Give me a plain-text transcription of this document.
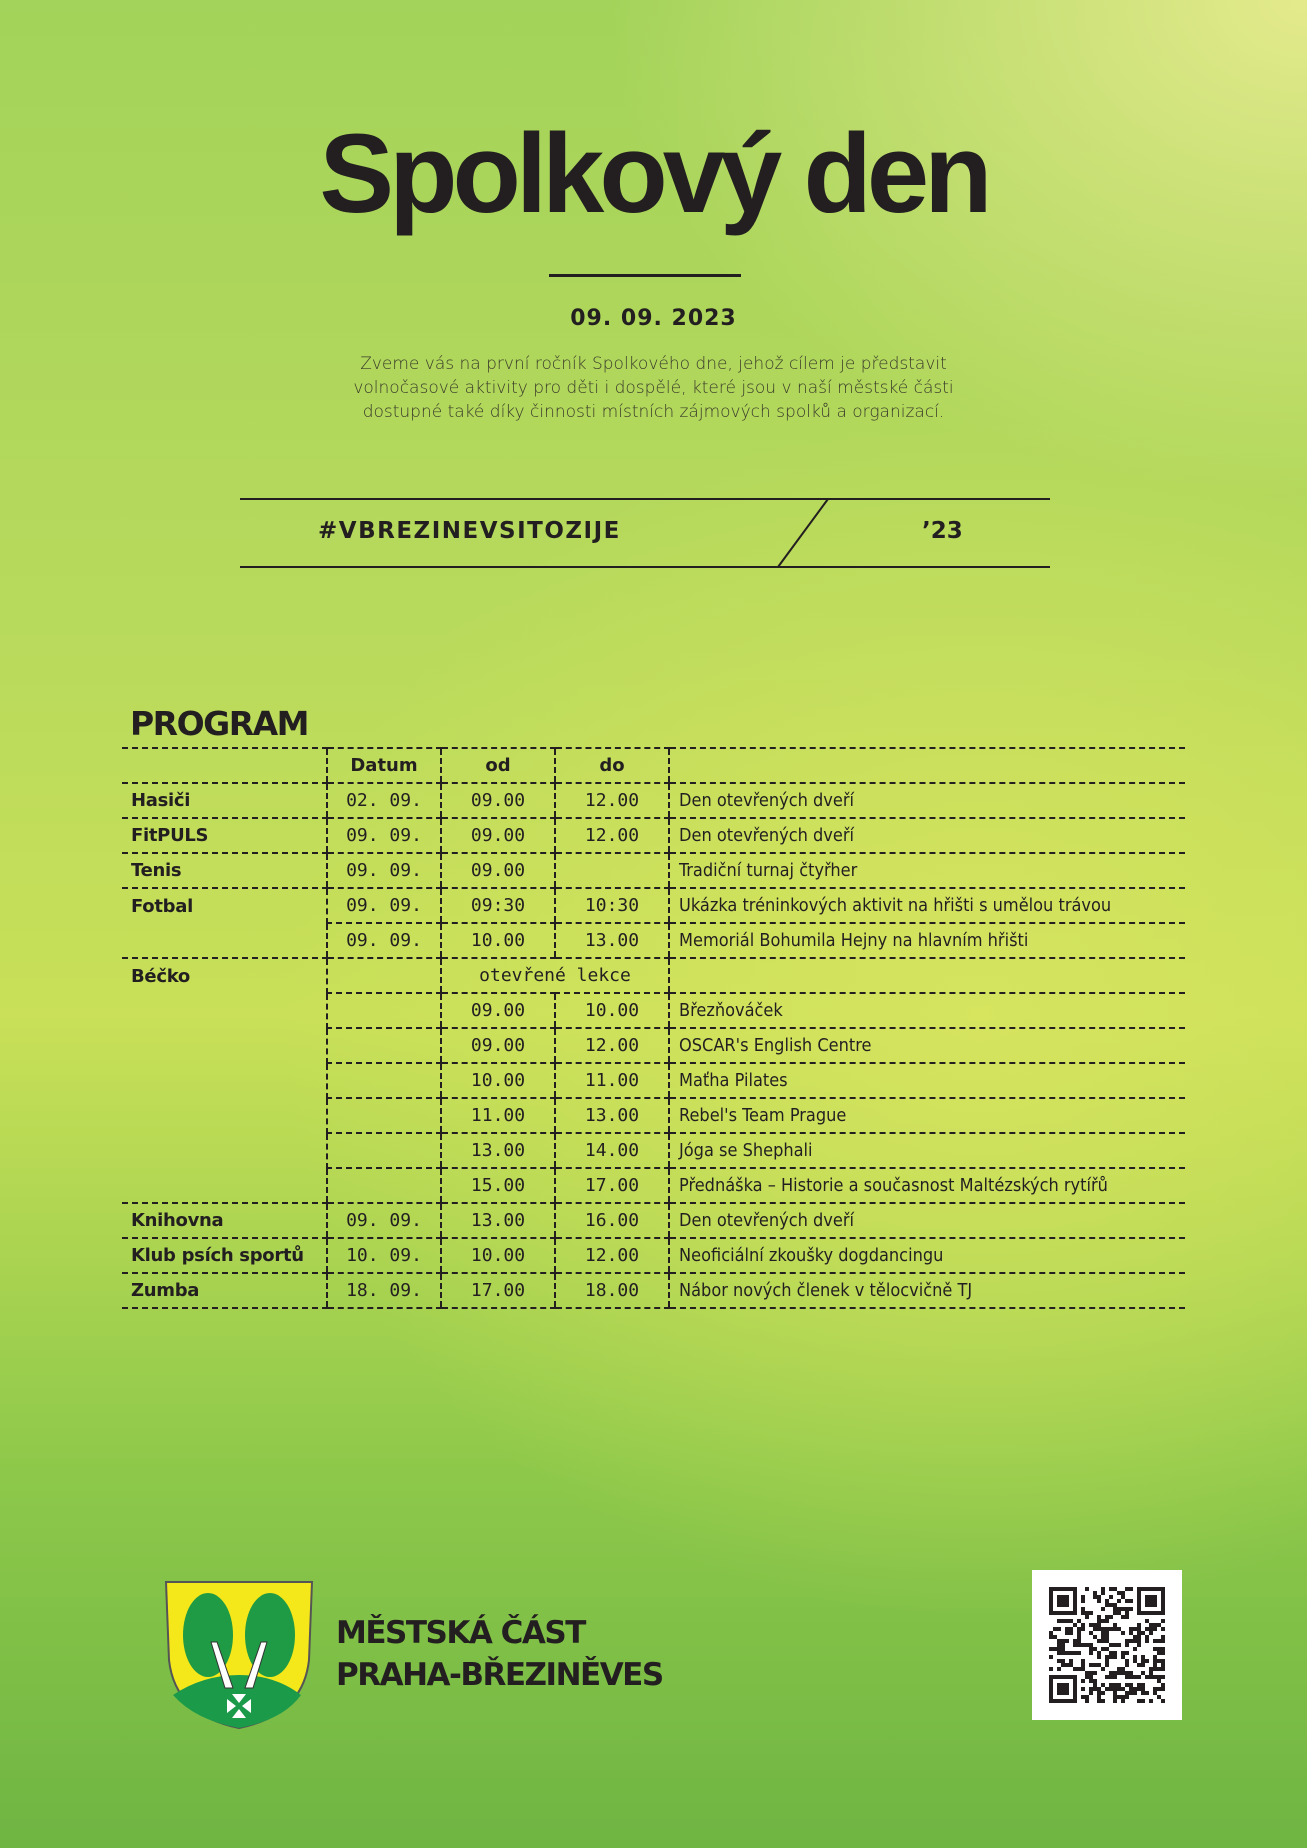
Spolkový den
09. 09. 2023
Zveme vás na první ročník Spolkového dne, jehož cílem je představit
volnočasové aktivity pro děti i dospělé, které jsou v naší městské části
dostupné také díky činnosti místních zájmových spolků a organizací.
#VBREZINEVSITOZIJE	’23
PROGRAM
	Datum	od	do	
Hasiči	02. 09.	09.00	12.00	Den otevřených dveří
FitPULS	09. 09.	09.00	12.00	Den otevřených dveří
Tenis	09. 09.	09.00		Tradiční turnaj čtyřher
Fotbal	09. 09.	09:30	10:30	Ukázka tréninkových aktivit na hřišti s umělou trávou
	09. 09.	10.00	13.00	Memoriál Bohumila Hejny na hlavním hřišti
Béčko		otevřené lekce		
		09.00	10.00	Březňováček
		09.00	12.00	OSCAR's English Centre
		10.00	11.00	Maťha Pilates
		11.00	13.00	Rebel's Team Prague
		13.00	14.00	Jóga se Shephali
		15.00	17.00	Přednáška – Historie a současnost Maltézských rytířů
Knihovna	09. 09.	13.00	16.00	Den otevřených dveří
Klub psích sportů	10. 09.	10.00	12.00	Neoficiální zkoušky dogdancingu
Zumba	18. 09.	17.00	18.00	Nábor nových členek v tělocvičně TJ
MĚSTSKÁ ČÁST
PRAHA-BŘEZINĚVES
